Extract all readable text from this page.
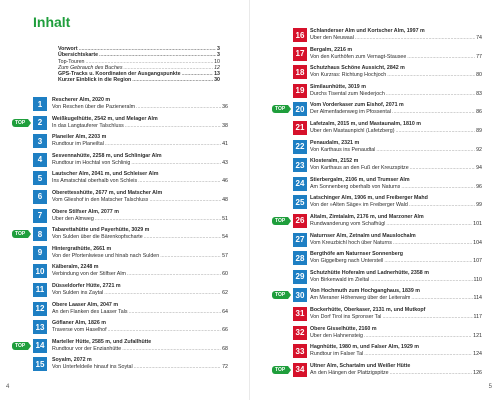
Inhalt
Vorwort .....	3
Übersichtskarte .....	3
Top-Touren .....	10
Zum Gebrauch des Buches .....	12
GPS-Tracks u. Koordinaten der Ausgangspunkte .....	13
Kurzer Einblick in die Region .....	30
1	Rescherer Alm, 2020 m
Von Reschen über die Pazieneralm .....	36
2
TOP
Weißkugelhütte, 2542 m, und Melager Alm
In das Langtauferer Talschluss .....	38
3	Planeiler Alm, 2203 m
Rundtour im Planeiltal .....	41
4	Sesvennahütte, 2258 m, und Schlinigar Alm
Rundtour im Hochtal von Schlinig .....	43
5	Lautscher Alm, 2041 m, und Schleiser Alm
Ins Amatschtal oberhalb von Schleis .....	46
6	Oberettesshütte, 2677 m, und Matscher Alm
Vom Glieshof in den Matscher Talschluss .....	48
7	Obere Stilfser Alm, 2077 m
Über den Almweg .....	51
8
TOP
Tabarettahütte und Payerhütte, 3029 m
Von Sulden über die Bärenkopfscharte .....	54
9	Hintergrathütte, 2661 m
Von der Pfortenlwiese und hinab nach Sulden .....	57
10	Kälberalm, 2248 m
Verbindung von der Stilfser Alm .....	60
11	Düsseldorfer Hütte, 2721 m
Von Sulden ins Zaytal .....	62
12	Obere Laaser Alm, 2047 m
An den Flanken des Laaser Tals .....	64
13	Göflaner Alm, 1826 m
Traverse vom Haselhof .....	66
14
TOP
Marteller Hütte, 2585 m, und Zufallhütte
Rundtour vor der Enzianhütte .....	68
15	Soyalm, 2072 m
Von Unterfeldeile hinauf ins Soytal .....	72
4
16	Schlanderser Alm und Kortscher Alm, 1997 m
Über den Neuwaal .....	74
17	Bergalm, 2216 m
Von den Kurthöfen zum Vernagt-Stausee .....	77
18	Schutzhaus Schöne Aussicht, 2842 m
Von Kurzras: Richtung Hochjoch .....	80
19	Similaunhütte, 3019 m
Durchs Tisental zum Niederjoch .....	83
20
TOP
Vom Vorderkaser zum Eishof, 2071 m
Der Almenfadenweg im Pfossental .....	86
21	Lafetzalm, 2015 m, und Mastaunalm, 1810 m
Über den Mastaunpichl (Lafetzberg) .....	89
22	Penaudalm, 2321 m
Von Karthaus ins Penaudtal .....	92
23	Klosteralm, 2152 m
Von Karthaus an den Fuß der Kreuzspitze .....	94
24	Stierbergalm, 2106 m, und Trumser Alm
Am Sonnenberg oberhalb von Naturns .....	96
25	Latschinger Alm, 1906 m, und Freiberger Mahd
Von der »Alten Säge« im Freiberger Wald .....	99
26
TOP
Altalm, Zimtalalm, 2176 m, und Marzoner Alm
Rundwanderung vom Schafhügl .....	101
27	Naturnser Alm, Zetnalm und Mauslochalm
Vom Kreuzbichl hoch über Naturns .....	104
28	Bergthöfe am Naturnser Sonnenberg
Von Giggelberg nach Unterstell .....	107
29	Schutzhütte Hoferalm und Ladnerhütte, 2358 m
Von Birkenwald im Zieltal .....	110
30
TOP
Von Hochmuth zum Hochganghaus, 1839 m
Am Meraner Höhenweg über der Leiteralm .....	114
31	Bockerhütte, Oberkaser, 2131 m, und Mutkopf
Von Dorf Tirol ins Spronser Tal .....	117
32	Obere Gisselhütte, 2160 m
Über den Hahnensteig .....	121
33	Hagnhütte, 1980 m, und Falser Alm, 1929 m
Rundtour im Falser Tal .....	124
34
TOP
Ultner Alm, Schartalm und Weißer Hütte
An den Hängen der Plattzigspitze .....	126
5
